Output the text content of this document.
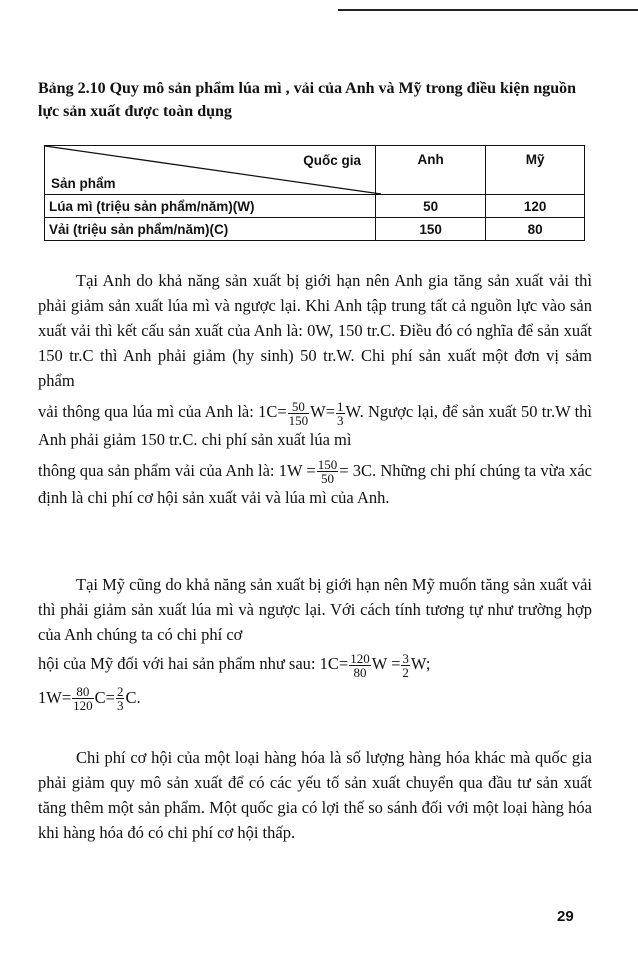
Bảng 2.10 Quy mô sản phẩm lúa mì , vải của Anh và Mỹ trong điều kiện nguồn lực sản xuất được toàn dụng
Quốc gia
Sản phẩm	Anh	Mỹ
Lúa mì (triệu sản phẩm/năm)(W)	50	120
Vải (triệu sản phẩm/năm)(C)	150	80

Tại Anh do khả năng sản xuất bị giới hạn nên Anh gia tăng sản xuất vải thì phải giảm sản xuất lúa mì và ngược lại. Khi Anh tập trung tất cả nguồn lực vào sản xuất vải thì kết cấu sản xuất của Anh là: 0W, 150 tr.C. Điều đó có nghĩa để sản xuất 150 tr.C thì Anh phải giảm (hy sinh) 50 tr.W. Chi phí sản xuất một đơn vị sảm phẩm

vải thông qua lúa mì của Anh là: $1C= \frac{50}{150} W= \frac{1}{3} W$. Ngược lại, để sản xuất 50 tr.W thì Anh phải giảm 150 tr.C. chi phí sản xuất lúa mì
thông qua sản phẩm vải của Anh là: $1W = \frac{150}{50} = 3C$. Những chi phí chúng ta vừa xác định là chi phí cơ hội sản xuất vải và lúa mì của Anh.

Tại Mỹ cũng do khả năng sản xuất bị giới hạn nên Mỹ muốn tăng sản xuất vải thì phải giảm sản xuất lúa mì và ngược lại. Với cách tính tương tự như trường hợp của Anh chúng ta có chi phí cơ

hội của Mỹ đối với hai sản phẩm như sau: $1C= \frac{120}{80}$ $W = \frac{3}{2} W$;
$1W= \frac{80}{120} C= \frac{2}{3} C$.

Chi phí cơ hội của một loại hàng hóa là số lượng hàng hóa khác mà quốc gia phải giảm quy mô sản xuất để có các yếu tố sản xuất chuyển qua đầu tư sản xuất tăng thêm một sản phẩm. Một quốc gia có lợi thế so sánh đối với một loại hàng hóa khi hàng hóa đó có chi phí cơ hội thấp.

29
